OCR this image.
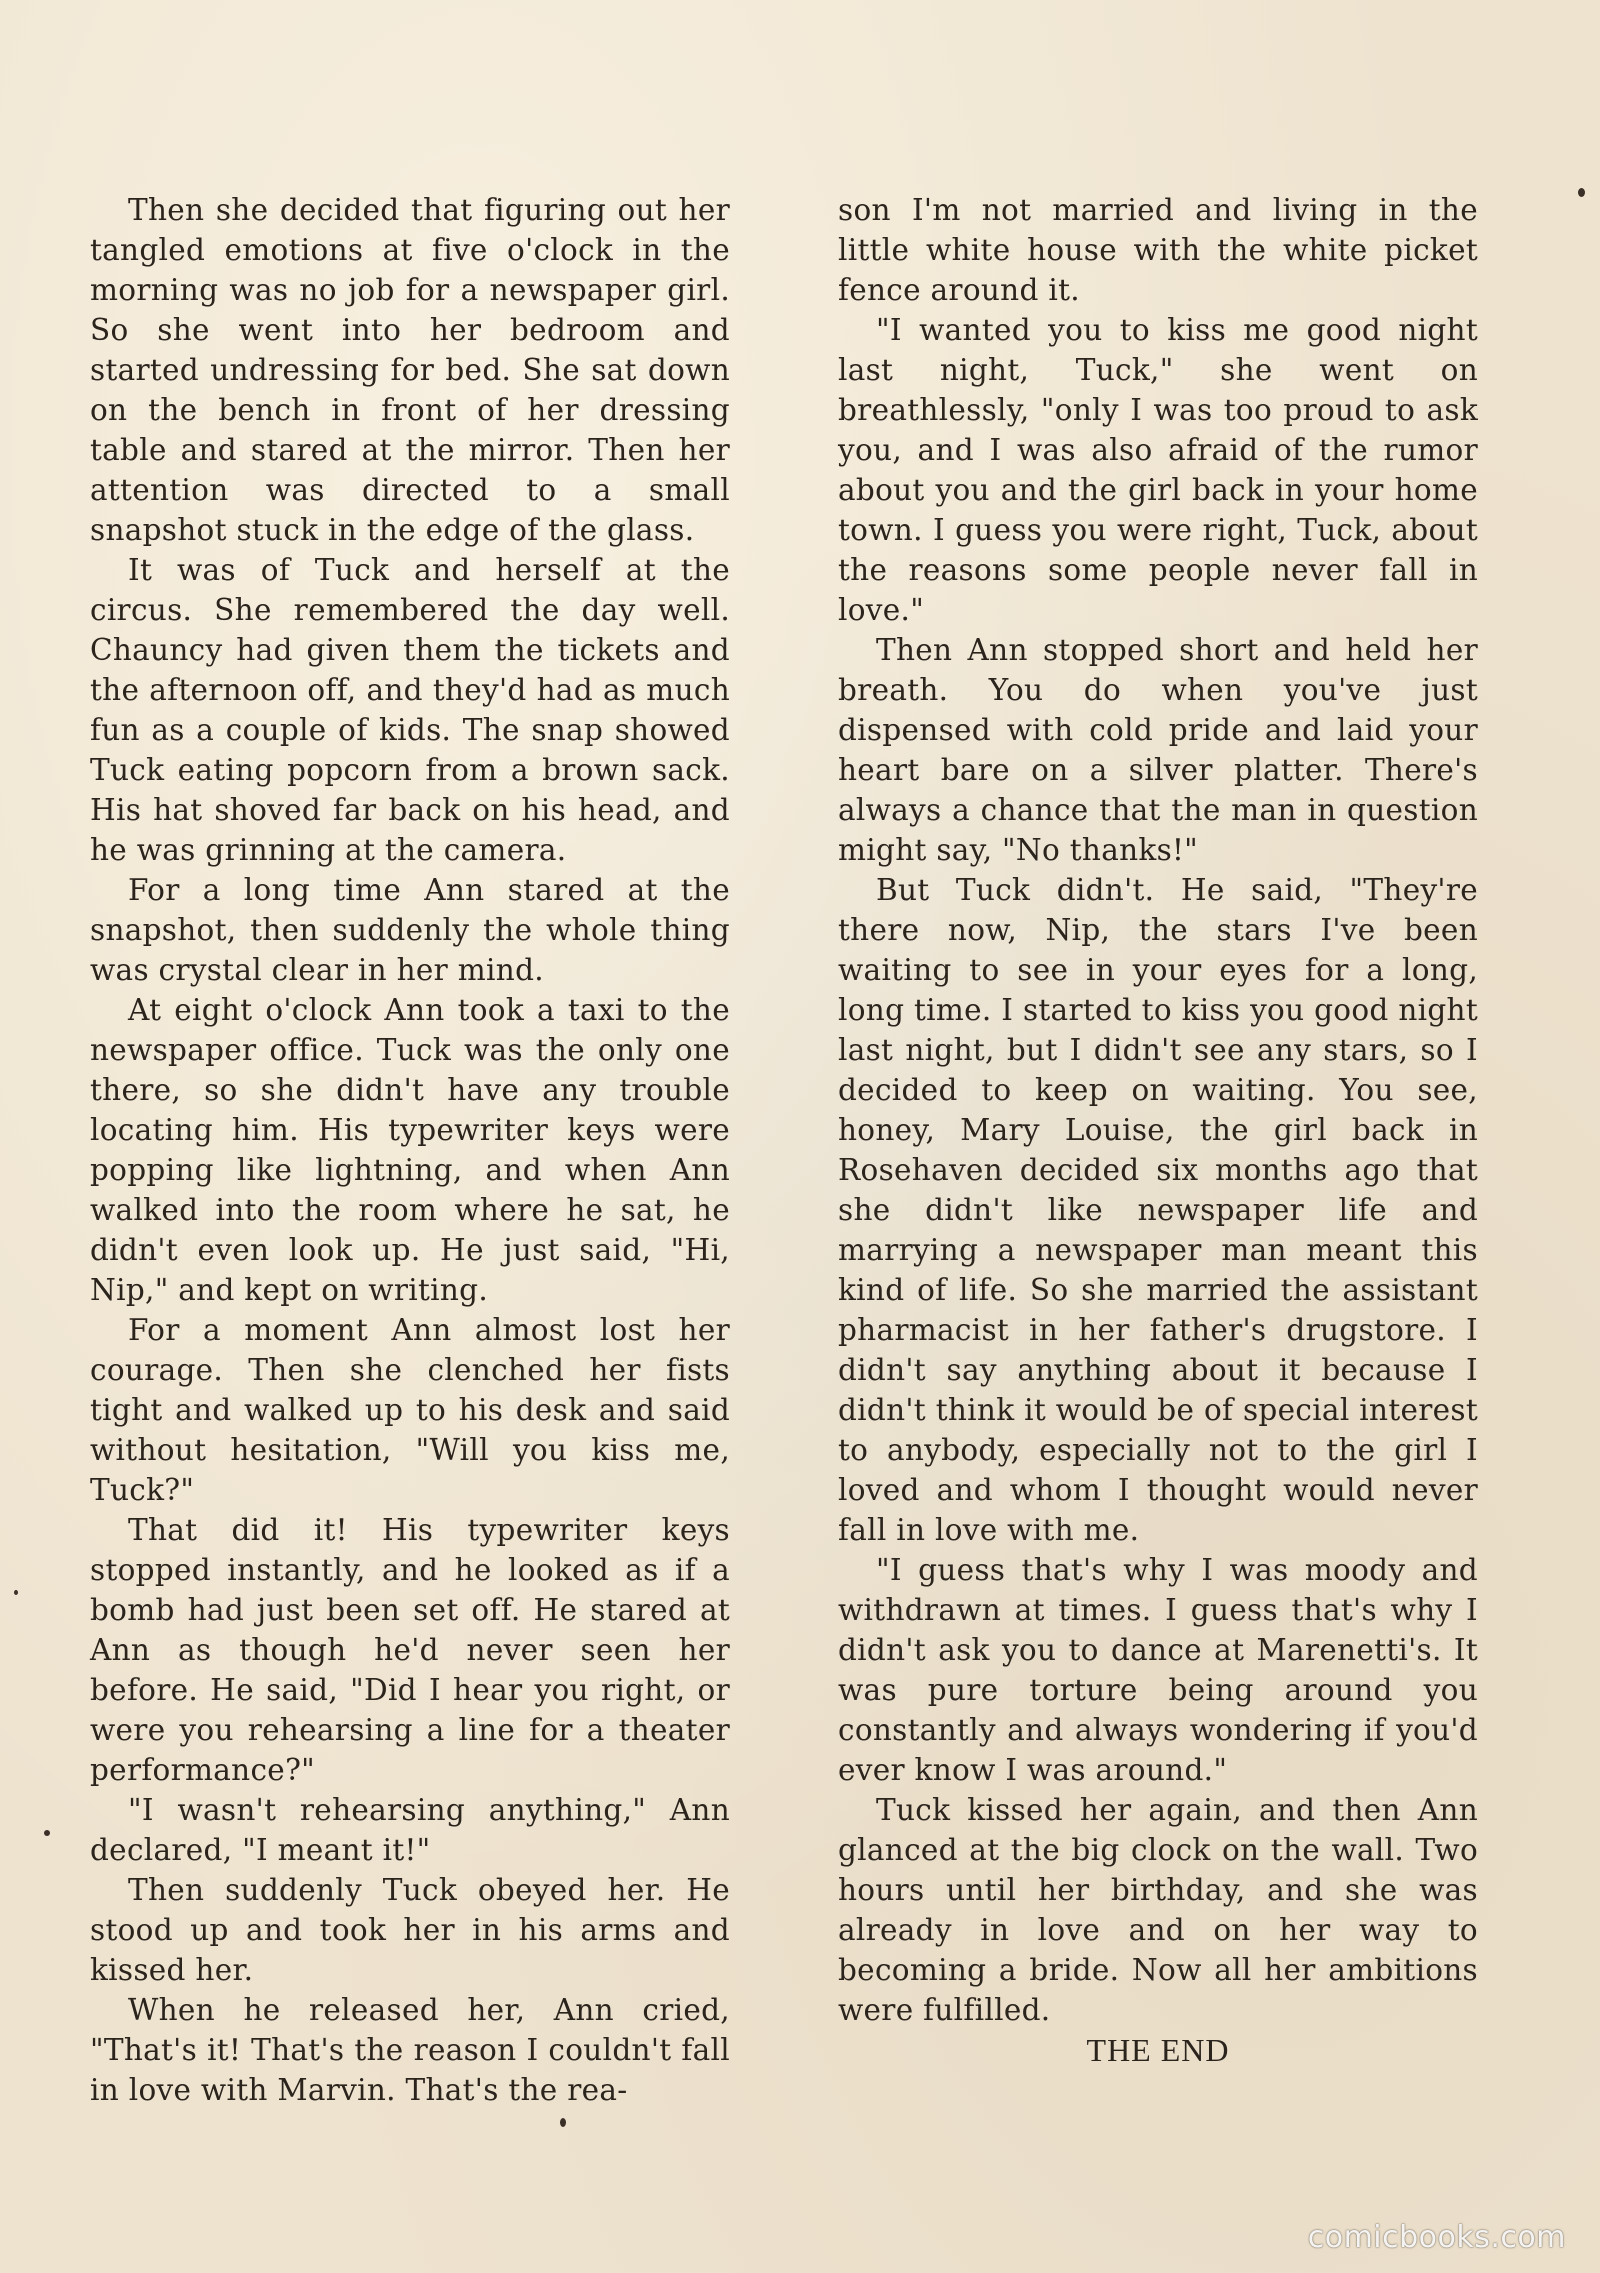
Then she decided that figuring out her tangled emotions at five o'clock in the morning was no job for a newspaper girl. So she went into her bedroom and started undressing for bed. She sat down on the bench in front of her dressing table and stared at the mirror. Then her attention was directed to a small snapshot stuck in the edge of the glass.

It was of Tuck and herself at the circus. She remembered the day well. Chauncy had given them the tickets and the afternoon off, and they'd had as much fun as a couple of kids. The snap showed Tuck eating popcorn from a brown sack. His hat shoved far back on his head, and he was grinning at the camera.

For a long time Ann stared at the snapshot, then suddenly the whole thing was crystal clear in her mind.

At eight o'clock Ann took a taxi to the newspaper office. Tuck was the only one there, so she didn't have any trouble locating him. His typewriter keys were popping like lightning, and when Ann walked into the room where he sat, he didn't even look up. He just said, "Hi, Nip," and kept on writing.

For a moment Ann almost lost her courage. Then she clenched her fists tight and walked up to his desk and said without hesitation, "Will you kiss me, Tuck?"

That did it! His typewriter keys stopped instantly, and he looked as if a bomb had just been set off. He stared at Ann as though he'd never seen her before. He said, "Did I hear you right, or were you rehearsing a line for a theater performance?"

"I wasn't rehearsing anything," Ann declared, "I meant it!"

Then suddenly Tuck obeyed her. He stood up and took her in his arms and kissed her.

When he released her, Ann cried, "That's it! That's the reason I couldn't fall in love with Marvin. That's the rea-

son I'm not married and living in the little white house with the white picket fence around it.

"I wanted you to kiss me good night last night, Tuck," she went on breathlessly, "only I was too proud to ask you, and I was also afraid of the rumor about you and the girl back in your home town. I guess you were right, Tuck, about the reasons some people never fall in love."

Then Ann stopped short and held her breath. You do when you've just dispensed with cold pride and laid your heart bare on a silver platter. There's always a chance that the man in question might say, "No thanks!"

But Tuck didn't. He said, "They're there now, Nip, the stars I've been waiting to see in your eyes for a long, long time. I started to kiss you good night last night, but I didn't see any stars, so I decided to keep on waiting. You see, honey, Mary Louise, the girl back in Rosehaven decided six months ago that she didn't like newspaper life and marrying a newspaper man meant this kind of life. So she married the assistant pharmacist in her father's drugstore. I didn't say anything about it because I didn't think it would be of special interest to anybody, especially not to the girl I loved and whom I thought would never fall in love with me.

"I guess that's why I was moody and withdrawn at times. I guess that's why I didn't ask you to dance at Marenetti's. It was pure torture being around you constantly and always wondering if you'd ever know I was around."

Tuck kissed her again, and then Ann glanced at the big clock on the wall. Two hours until her birthday, and she was already in love and on her way to becoming a bride. Now all her ambitions were fulfilled.

THE END

comicbooks.com
